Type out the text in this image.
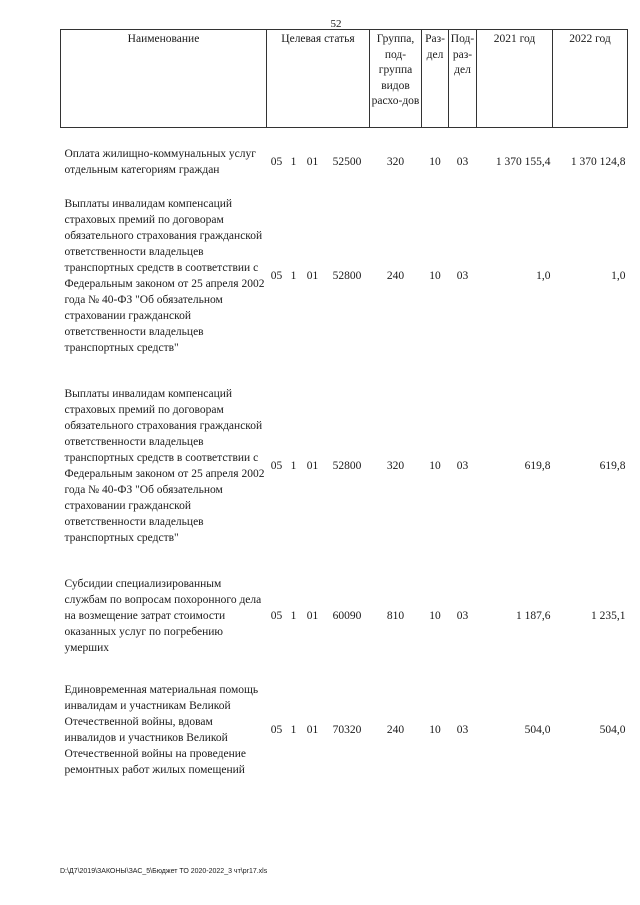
52
Наименование	Целевая статья				Группа, под-группа видов расхо-дов	Раз-дел	Под-раз-дел	2021 год	2022 год

Оплата жилищно-коммунальных услуг отдельным категориям граждан	05	1	01	52500	320	10	03	1 370 155,4	1 370 124,8

Выплаты инвалидам компенсаций страховых премий по договорам обязательного страхования гражданской ответственности владельцев транспортных средств в соответствии с Федеральным законом от 25 апреля 2002 года № 40-ФЗ "Об обязательном страховании гражданской ответственности владельцев транспортных средств"	05	1	01	52800	240	10	03	1,0	1,0

Выплаты инвалидам компенсаций страховых премий по договорам обязательного страхования гражданской ответственности владельцев транспортных средств в соответствии с Федеральным законом от 25 апреля 2002 года № 40-ФЗ "Об обязательном страховании гражданской ответственности владельцев транспортных средств"	05	1	01	52800	320	10	03	619,8	619,8

Субсидии специализированным службам по вопросам похоронного дела на возмещение затрат стоимости оказанных услуг по погребению умерших	05	1	01	60090	810	10	03	1 187,6	1 235,1

Единовременная материальная помощь инвалидам и участникам Великой Отечественной войны, вдовам инвалидов и участников Великой Отечественной войны на проведение ремонтных работ жилых помещений	05	1	01	70320	240	10	03	504,0	504,0
D:\Д7\2019\ЗАКОНЫ\ЗАС_5\Бюджет ТО 2020-2022_3 чт\pr17.xls
